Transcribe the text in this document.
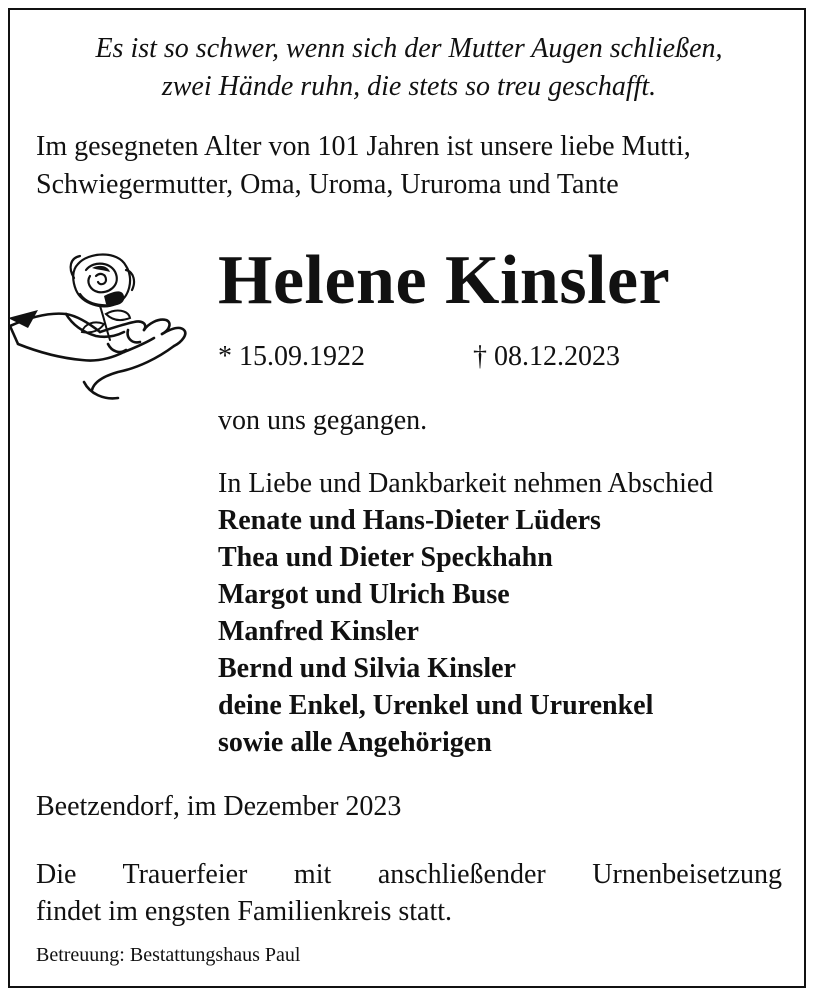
Es ist so schwer, wenn sich der Mutter Augen schließen,

zwei Hände ruhn, die stets so treu geschafft.

Im gesegneten Alter von 101 Jahren ist unsere liebe Mutti,

Schwiegermutter, Oma, Uroma, Ururoma und Tante

Helene Kinsler

* 15.09.1922	† 08.12.2023

von uns gegangen.

In Liebe und Dankbarkeit nehmen Abschied

Renate und Hans-Dieter Lüders

Thea und Dieter Speckhahn

Margot und Ulrich Buse

Manfred Kinsler

Bernd und Silvia Kinsler

deine Enkel, Urenkel und Ururenkel

sowie alle Angehörigen

Beetzendorf, im Dezember 2023

Die Trauerfeier mit anschließender Urnenbeisetzung

findet im engsten Familienkreis statt.

Betreuung: Bestattungshaus Paul
